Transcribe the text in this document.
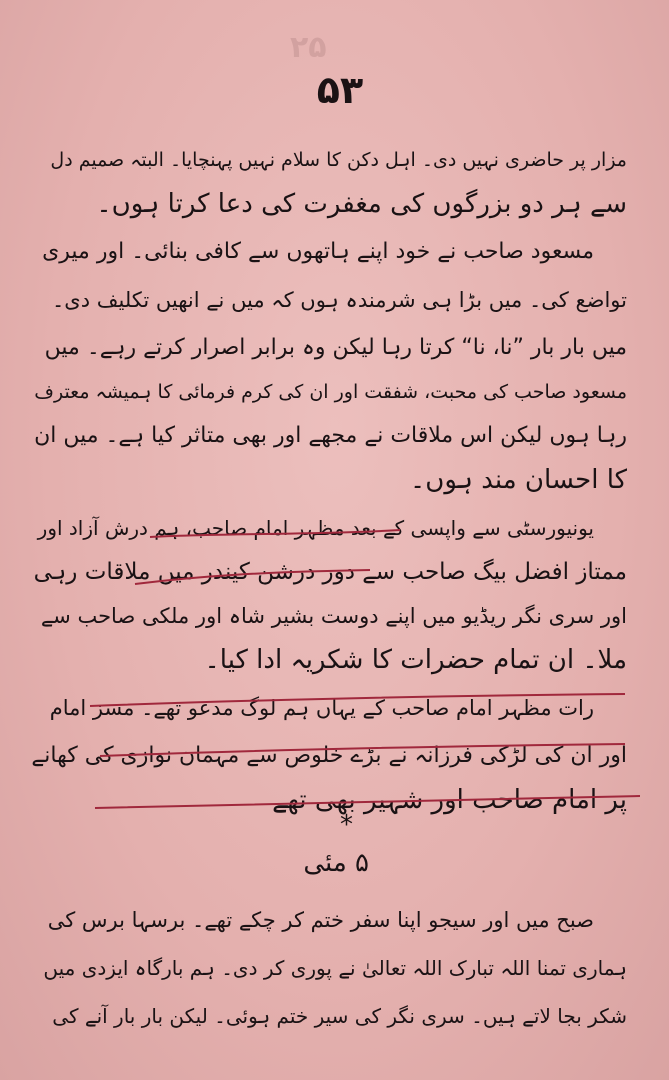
۲۵
۵۳
مزار پر حاضری نہیں دی۔ اہل دکن کا سلام نہیں پہنچایا۔ البتہ صمیم دل
سے ہر دو بزرگوں کی مغفرت کی دعا کرتا ہوں۔
مسعود صاحب نے خود اپنے ہاتھوں سے کافی بنائی۔ اور میری
تواضع کی۔ میں بڑا ہی شرمندہ ہوں کہ میں نے انھیں تکلیف دی۔
میں بار بار ”نا، نا“ کرتا رہا لیکن وہ برابر اصرار کرتے رہے۔ میں
مسعود صاحب کی محبت، شفقت اور ان کی کرم فرمائی کا ہمیشہ معترف
رہا ہوں لیکن اس ملاقات نے مجھے اور بھی متاثر کیا ہے۔ میں ان
کا احسان مند ہوں۔
یونیورسٹی سے واپسی کے بعد مظہر امام صاحب، ہم درش آزاد اور
ممتاز افضل بیگ صاحب سے دور درشن کیندر میں ملاقات رہی
اور سری نگر ریڈیو میں اپنے دوست بشیر شاہ اور ملکی صاحب سے
ملا۔ ان تمام حضرات کا شکریہ ادا کیا۔
رات مظہر امام صاحب کے یہاں ہم لوگ مدعو تھے۔ مسز امام
اور ان کی لڑکی فرزانہ نے بڑے خلوص سے مہمان نوازی کی کھانے
پر امام صاحب اور شہیر بھی تھے
*
۵ مئی
صبح میں اور سیجو اپنا سفر ختم کر چکے تھے۔ برسہا برس کی
ہماری تمنا اللہ تبارک اللہ تعالیٰ نے پوری کر دی۔ ہم بارگاہ ایزدی میں
شکر بجا لاتے ہیں۔ سری نگر کی سیر ختم ہوئی۔ لیکن بار بار آنے کی
